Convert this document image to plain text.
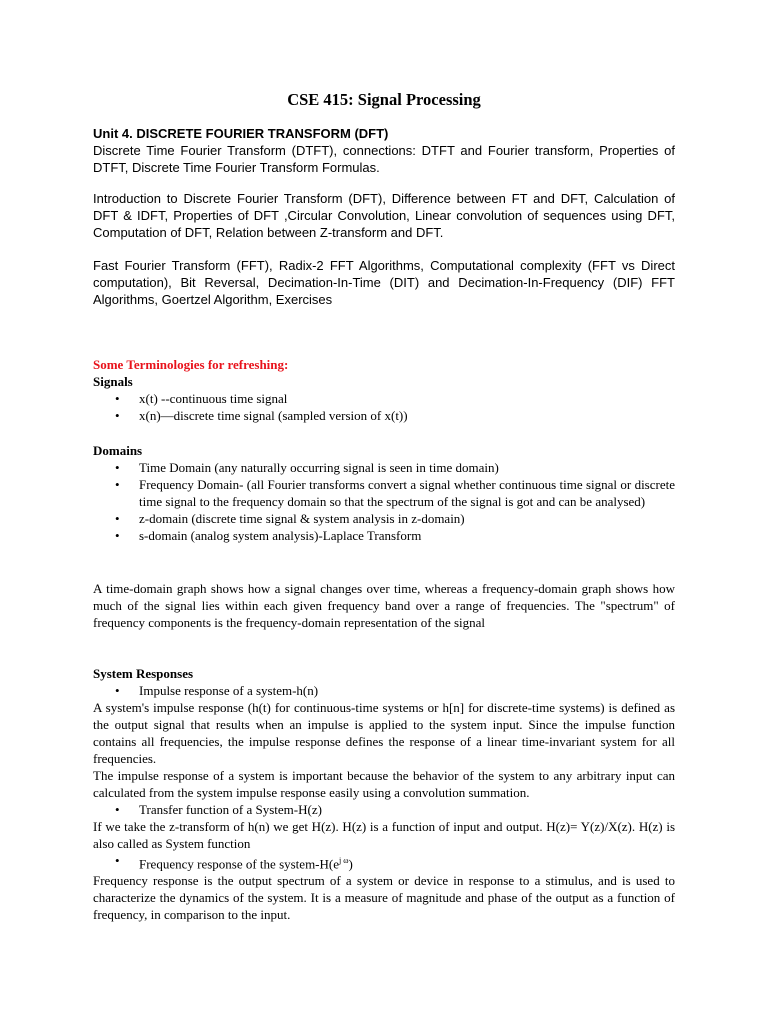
CSE 415: Signal Processing

Unit 4. DISCRETE FOURIER TRANSFORM (DFT)

Discrete Time Fourier Transform (DTFT), connections: DTFT and Fourier transform, Properties of DTFT, Discrete Time Fourier Transform Formulas.

Introduction to Discrete Fourier Transform (DFT), Difference between FT and DFT, Calculation of DFT & IDFT, Properties of DFT ,Circular Convolution, Linear convolution of sequences using DFT, Computation of DFT, Relation between Z-transform and DFT.

Fast Fourier Transform (FFT), Radix-2 FFT Algorithms, Computational complexity (FFT vs Direct computation), Bit Reversal, Decimation-In-Time (DIT) and Decimation-In-Frequency (DIF) FFT Algorithms, Goertzel Algorithm, Exercises

Some Terminologies for refreshing:

Signals

• x(t) --continuous time signal
• x(n)—discrete time signal (sampled version of x(t))

Domains

• Time Domain (any naturally occurring signal is seen in time domain)
• Frequency Domain- (all Fourier transforms convert a signal whether continuous time signal or discrete time signal to the frequency domain so that the spectrum of the signal is got and can be analysed)
• z-domain (discrete time signal & system analysis in z-domain)
• s-domain (analog system analysis)-Laplace Transform

A time-domain graph shows how a signal changes over time, whereas a frequency-domain graph shows how much of the signal lies within each given frequency band over a range of frequencies. The "spectrum" of frequency components is the frequency-domain representation of the signal

System Responses

• Impulse response of a system-h(n)

A system's impulse response (h(t) for continuous-time systems or h[n] for discrete-time systems) is defined as the output signal that results when an impulse is applied to the system input. Since the impulse function contains all frequencies, the impulse response defines the response of a linear time-invariant system for all frequencies.

The impulse response of a system is important because the behavior of the system to any arbitrary input can calculated from the system impulse response easily using a convolution summation.

• Transfer function of a System-H(z)

If we take the z-transform of h(n) we get H(z). H(z) is a function of input and output. H(z)= Y(z)/X(z). H(z) is also called as System function

• Frequency response of the system-$H(e^{j \omega})$

Frequency response is the output spectrum of a system or device in response to a stimulus, and is used to characterize the dynamics of the system. It is a measure of magnitude and phase of the output as a function of frequency, in comparison to the input.
